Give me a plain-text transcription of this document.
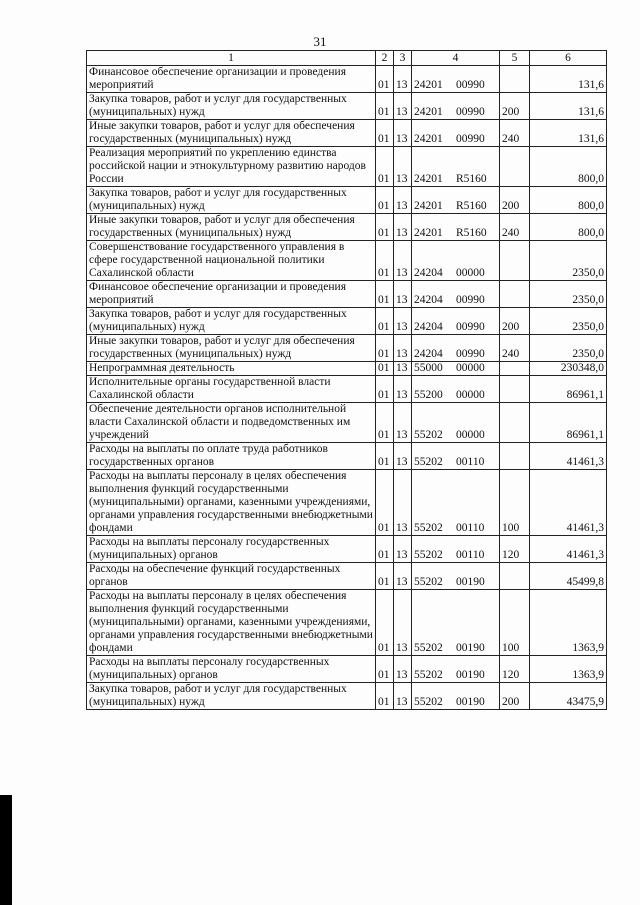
31
1	2	3	4	5	6
Финансовое обеспечение организации и проведения мероприятий	01	13	24201 00990		131,6
Закупка товаров, работ и услуг для государственных (муниципальных) нужд	01	13	24201 00990	200	131,6
Иные закупки товаров, работ и услуг для обеспечения государственных (муниципальных) нужд	01	13	24201 00990	240	131,6
Реализация мероприятий по укреплению единства российской нации и этнокультурному развитию народов России	01	13	24201 R5160		800,0
Закупка товаров, работ и услуг для государственных (муниципальных) нужд	01	13	24201 R5160	200	800,0
Иные закупки товаров, работ и услуг для обеспечения государственных (муниципальных) нужд	01	13	24201 R5160	240	800,0
Совершенствование государственного управления в сфере государственной национальной политики Сахалинской области	01	13	24204 00000		2350,0
Финансовое обеспечение организации и проведения мероприятий	01	13	24204 00990		2350,0
Закупка товаров, работ и услуг для государственных (муниципальных) нужд	01	13	24204 00990	200	2350,0
Иные закупки товаров, работ и услуг для обеспечения государственных (муниципальных) нужд	01	13	24204 00990	240	2350,0
Непрограммная деятельность	01	13	55000 00000		230348,0
Исполнительные органы государственной власти Сахалинской области	01	13	55200 00000		86961,1
Обеспечение деятельности органов исполнительной власти Сахалинской области и подведомственных им учреждений	01	13	55202 00000		86961,1
Расходы на выплаты по оплате труда работников государственных органов	01	13	55202 00110		41461,3
Расходы на выплаты персоналу в целях обеспечения выполнения функций государственными (муниципальными) органами, казенными учреждениями, органами управления государственными внебюджетными фондами	01	13	55202 00110	100	41461,3
Расходы на выплаты персоналу государственных (муниципальных) органов	01	13	55202 00110	120	41461,3
Расходы на обеспечение функций государственных органов	01	13	55202 00190		45499,8
Расходы на выплаты персоналу в целях обеспечения выполнения функций государственными (муниципальными) органами, казенными учреждениями, органами управления государственными внебюджетными фондами	01	13	55202 00190	100	1363,9
Расходы на выплаты персоналу государственных (муниципальных) органов	01	13	55202 00190	120	1363,9
Закупка товаров, работ и услуг для государственных (муниципальных) нужд	01	13	55202 00190	200	43475,9
